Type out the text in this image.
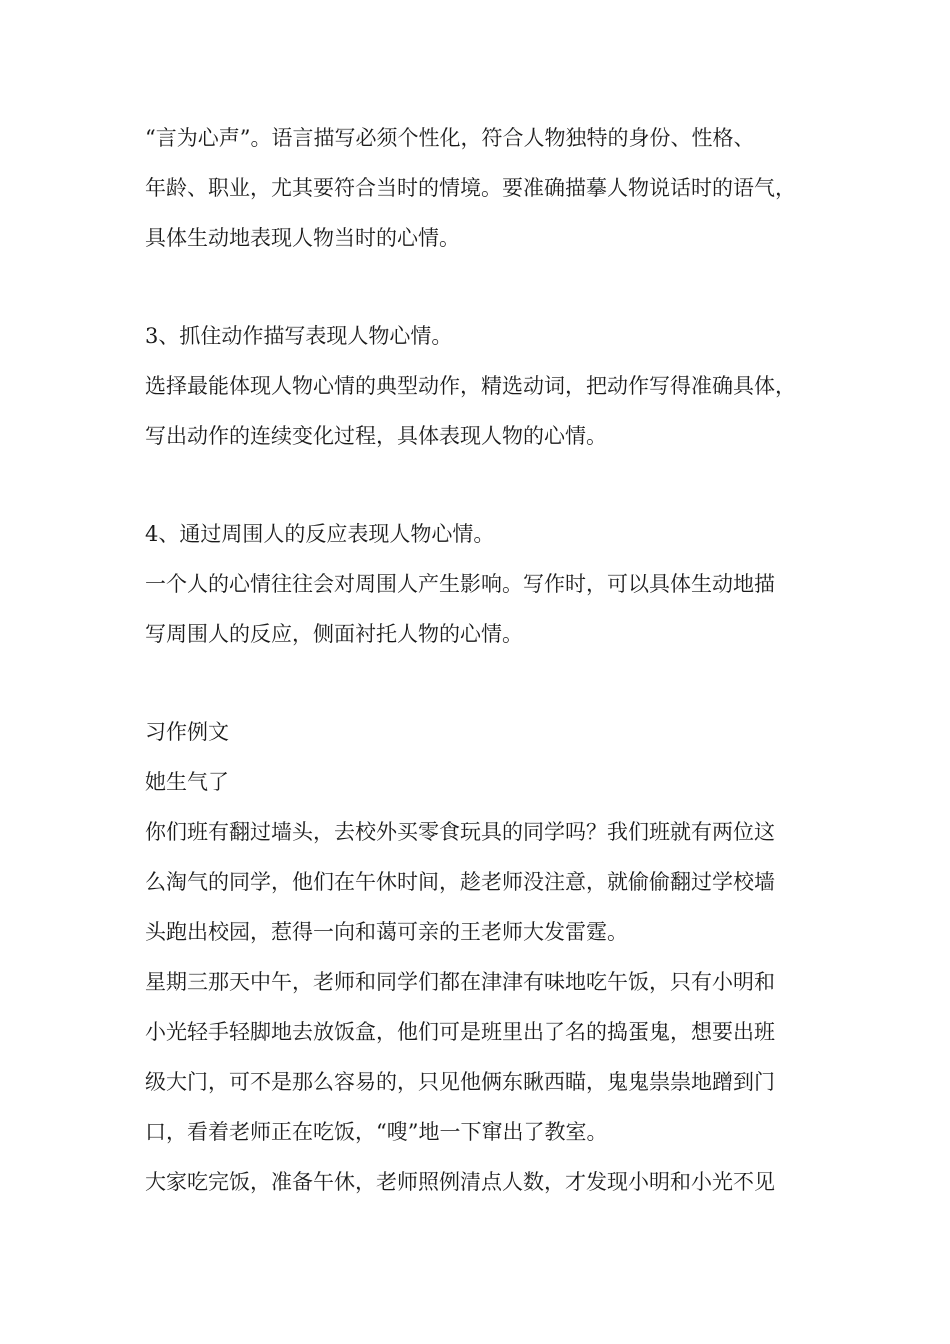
“言为心声”。语言描写必须个性化，符合人物独特的身份、性格、
年龄、职业，尤其要符合当时的情境。要准确描摹人物说话时的语气，
具体生动地表现人物当时的心情。
3、抓住动作描写表现人物心情。
选择最能体现人物心情的典型动作，精选动词，把动作写得准确具体，
写出动作的连续变化过程，具体表现人物的心情。
4、通过周围人的反应表现人物心情。
一个人的心情往往会对周围人产生影响。写作时，可以具体生动地描
写周围人的反应，侧面衬托人物的心情。
习作例文
她生气了
你们班有翻过墙头，去校外买零食玩具的同学吗？我们班就有两位这
么淘气的同学，他们在午休时间，趁老师没注意，就偷偷翻过学校墙
头跑出校园，惹得一向和蔼可亲的王老师大发雷霆。
星期三那天中午，老师和同学们都在津津有味地吃午饭，只有小明和
小光轻手轻脚地去放饭盒，他们可是班里出了名的捣蛋鬼，想要出班
级大门，可不是那么容易的，只见他俩东瞅西瞄，鬼鬼祟祟地蹭到门
口，看着老师正在吃饭，“嗖”地一下窜出了教室。
大家吃完饭，准备午休，老师照例清点人数，才发现小明和小光不见
